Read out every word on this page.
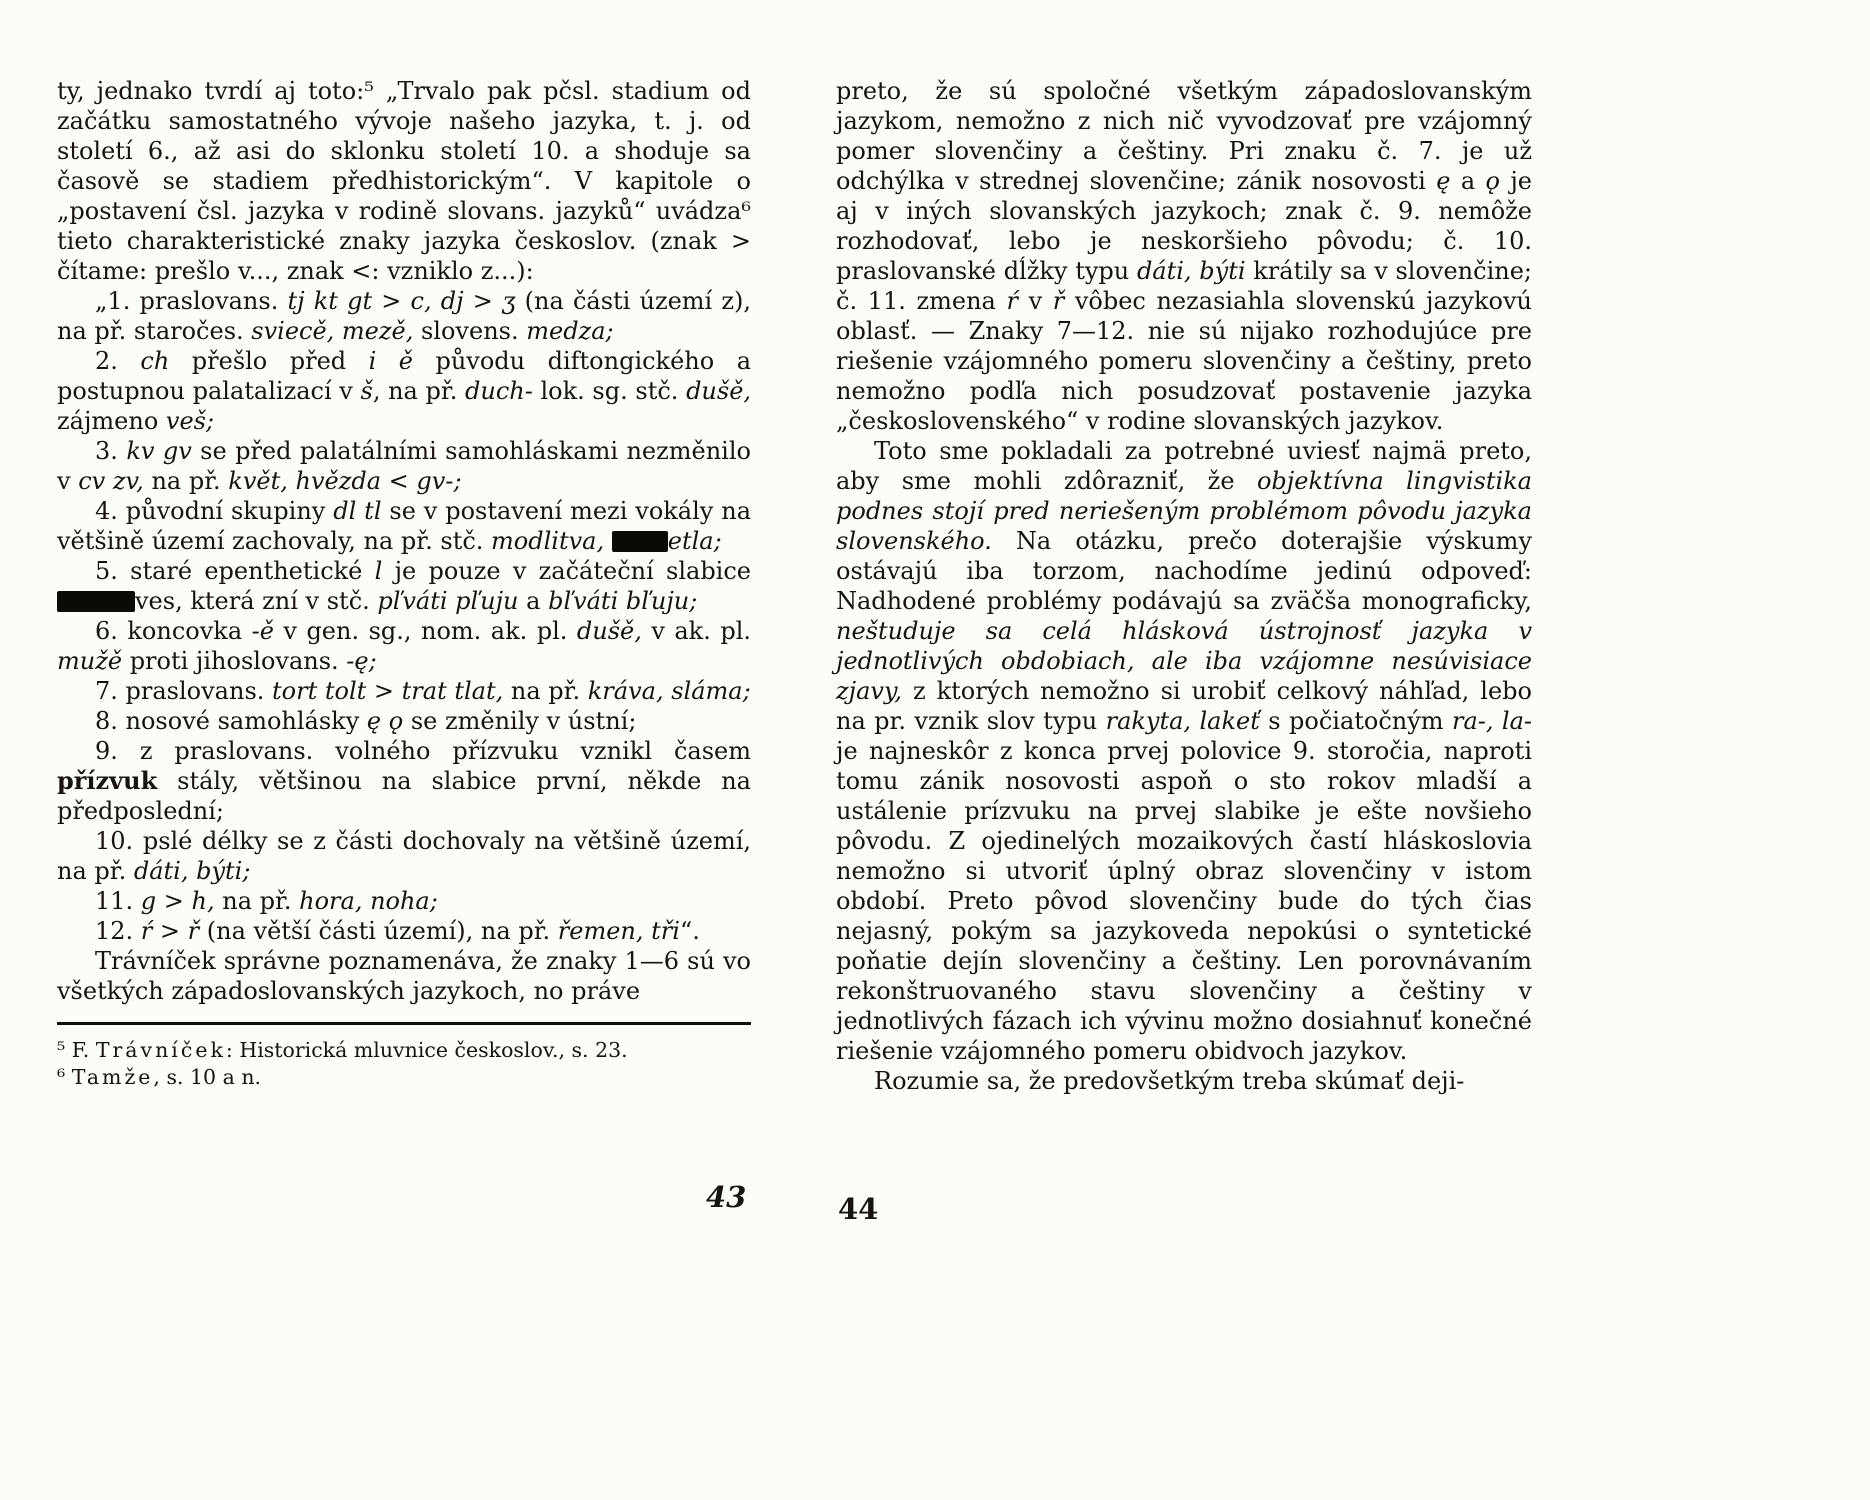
ty, jednako tvrdí aj toto:⁵ „Trvalo pak pčsl. stadium od začátku samostatného vývoje našeho jazyka, t. j. od století 6., až asi do sklonku století 10. a shoduje sa časově se stadiem předhistorickým“. V kapitole o „postavení čsl. jazyka v rodině slovans. jazyků“ uvádza⁶ tieto charakteristické znaky jazyka českoslov. (znak > čítame: prešlo v..., znak <: vzniklo z...):

„1. praslovans. tj kt gt > c, dj > ʒ (na části území z), na př. staročes. sviecě, mezě, slovens. medza;

2. ch přešlo před i ě původu diftongického a postupnou palatalizací v š, na př. duch- lok. sg. stč. dušě, zájmeno veš;

3. kv gv se před palatálními samohláskami nezměnilo v cv zv, na př. květ, hvězda < gv-;

4. původní skupiny dl tl se v postavení mezi vokály na většině území zachovaly, na př. stč. modlitva,	etla;

5. staré epenthetické l je pouze v začáteční slabice ves, která zní v stč. pľváti pľuju a bľváti bľuju;

6. koncovka -ě v gen. sg., nom. ak. pl. dušě, v ak. pl. mužě proti jihoslovans. -ę;

7. praslovans. tort tolt > trat tlat, na př. kráva, sláma;

8. nosové samohlásky ę ǫ se změnily v ústní;

9. z praslovans. volného přízvuku vznikl časem přízvuk stály, většinou na slabice první, někde na předposlední;

10. pslé délky se z části dochovaly na většině území, na př. dáti, býti;

11. g > h, na př. hora, noha;

12. ŕ > ř (na větší části území), na př. řemen, tři“.

Trávníček správne poznamenáva, že znaky 1—6 sú vo všetkých západoslovanských jazykoch, no práve

⁵ F. Trávníček: Historická mluvnice českoslov., s. 23.

⁶ Tamže, s. 10 a n.

preto, že sú spoločné všetkým západoslovanským jazykom, nemožno z nich nič vyvodzovať pre vzájomný pomer slovenčiny a češtiny. Pri znaku č. 7. je už odchýlka v strednej slovenčine; zánik nosovosti ę a ǫ je aj v iných slovanských jazykoch; znak č. 9. nemôže rozhodovať, lebo je neskoršieho pôvodu; č. 10. praslovanské dĺžky typu dáti, býti krátily sa v slovenčine; č. 11. zmena ŕ v ř vôbec nezasiahla slovenskú jazykovú oblasť. — Znaky 7—12. nie sú nijako rozhodujúce pre riešenie vzájomného pomeru slovenčiny a češtiny, preto nemožno podľa nich posudzovať postavenie jazyka „československého“ v rodine slovanských jazykov.

Toto sme pokladali za potrebné uviesť najmä preto, aby sme mohli zdôrazniť, že objektívna lingvistika podnes stojí pred neriešeným problémom pôvodu jazyka slovenského. Na otázku, prečo doterajšie výskumy ostávajú iba torzom, nachodíme jedinú odpoveď: Nadhodené problémy podávajú sa zväčša monograficky, neštuduje sa celá hlásková ústrojnosť jazyka v jednotlivých obdobiach, ale iba vzájomne nesúvisiace zjavy, z ktorých nemožno si urobiť celkový náhľad, lebo na pr. vznik slov typu rakyta, lakeť s počiatočným ra-, la- je najneskôr z konca prvej polovice 9. storočia, naproti tomu zánik nosovosti aspoň o sto rokov mladší a ustálenie prízvuku na prvej slabike je ešte novšieho pôvodu. Z ojedinelých mozaikových častí hláskoslovia nemožno si utvoriť úplný obraz slovenčiny v istom období. Preto pôvod slovenčiny bude do tých čias nejasný, pokým sa jazykoveda nepokúsi o syntetické poňatie dejín slovenčiny a češtiny. Len porovnávaním rekonštruovaného stavu slovenčiny a češtiny v jednotlivých fázach ich vývinu možno dosiahnuť konečné riešenie vzájomného pomeru obidvoch jazykov.

Rozumie sa, že predovšetkým treba skúmať deji-

43	44
